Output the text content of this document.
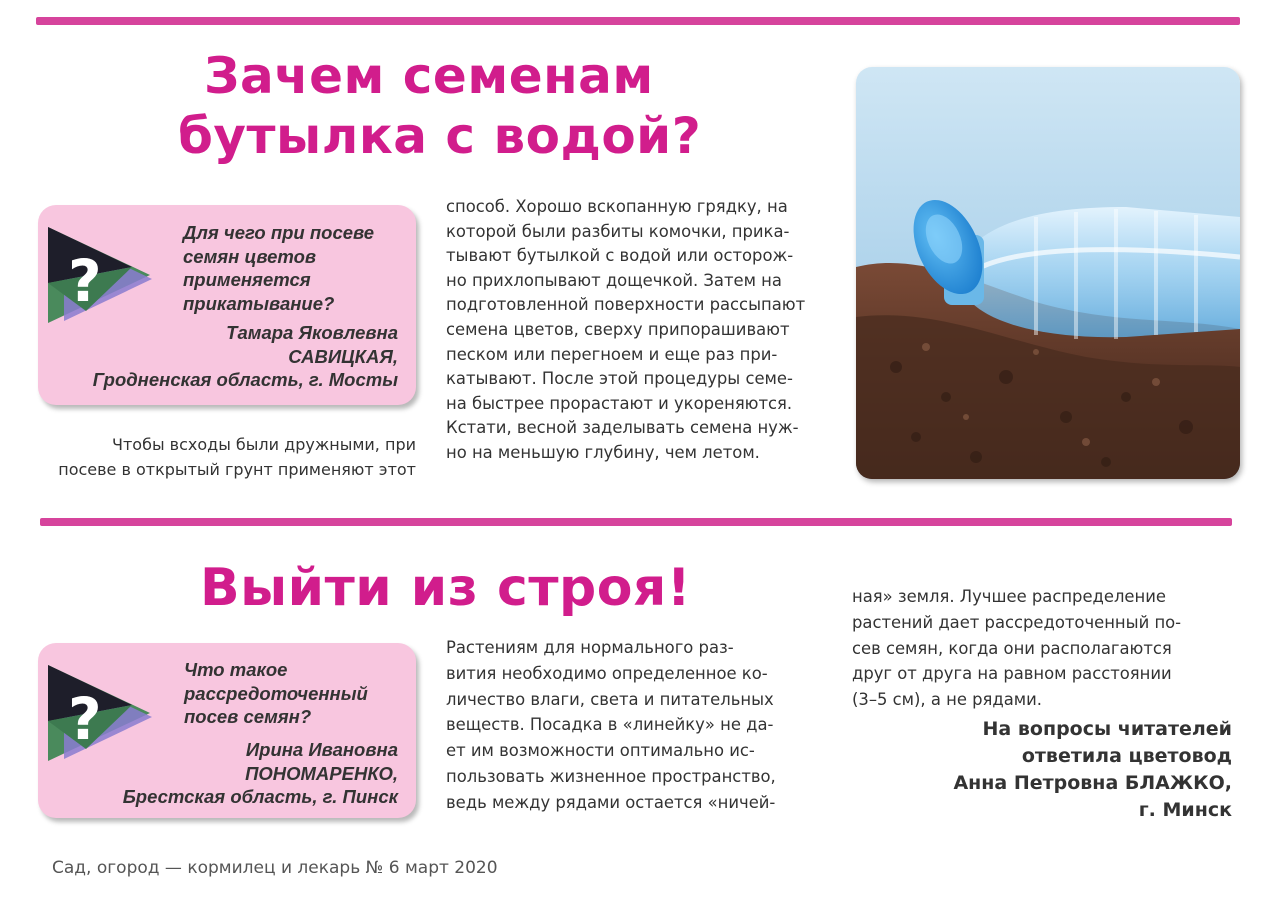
Зачем семенам
бутылка с водой?
?
Для чего при посеве
семян цветов
применяется
прикатывание?
Тамара Яковлевна
САВИЦКАЯ,
Гродненская область, г. Мосты

Чтобы всходы были дружными, при
посеве в открытый грунт применяют этот

способ. Хорошо вскопанную грядку, на
которой были разбиты комочки, прика-
тывают бутылкой с водой или осторож-
но прихлопывают дощечкой. Затем на
подготовленной поверхности рассыпают
семена цветов, сверху припорашивают
песком или перегноем и еще раз при-
катывают. После этой процедуры семе-
на быстрее прорастают и укореняются.
Кстати, весной заделывать семена нуж-
но на меньшую глубину, чем летом.

Выйти из строя!
?
Что такое
рассредоточенный
посев семян?
Ирина Ивановна
ПОНОМАРЕНКО,
Брестская область, г. Пинск

Растениям для нормального раз-
вития необходимо определенное ко-
личество влаги, света и питательных
веществ. Посадка в «линейку» не да-
ет им возможности оптимально ис-
пользовать жизненное пространство,
ведь между рядами остается «ничей-

ная» земля. Лучшее распределение
растений дает рассредоточенный по-
сев семян, когда они располагаются
друг от друга на равном расстоянии
(3–5 см), а не рядами.

На вопросы читателей
ответила цветовод
Анна Петровна БЛАЖКО,
г. Минск

Сад, огород — кормилец и лекарь № 6 март 2020
